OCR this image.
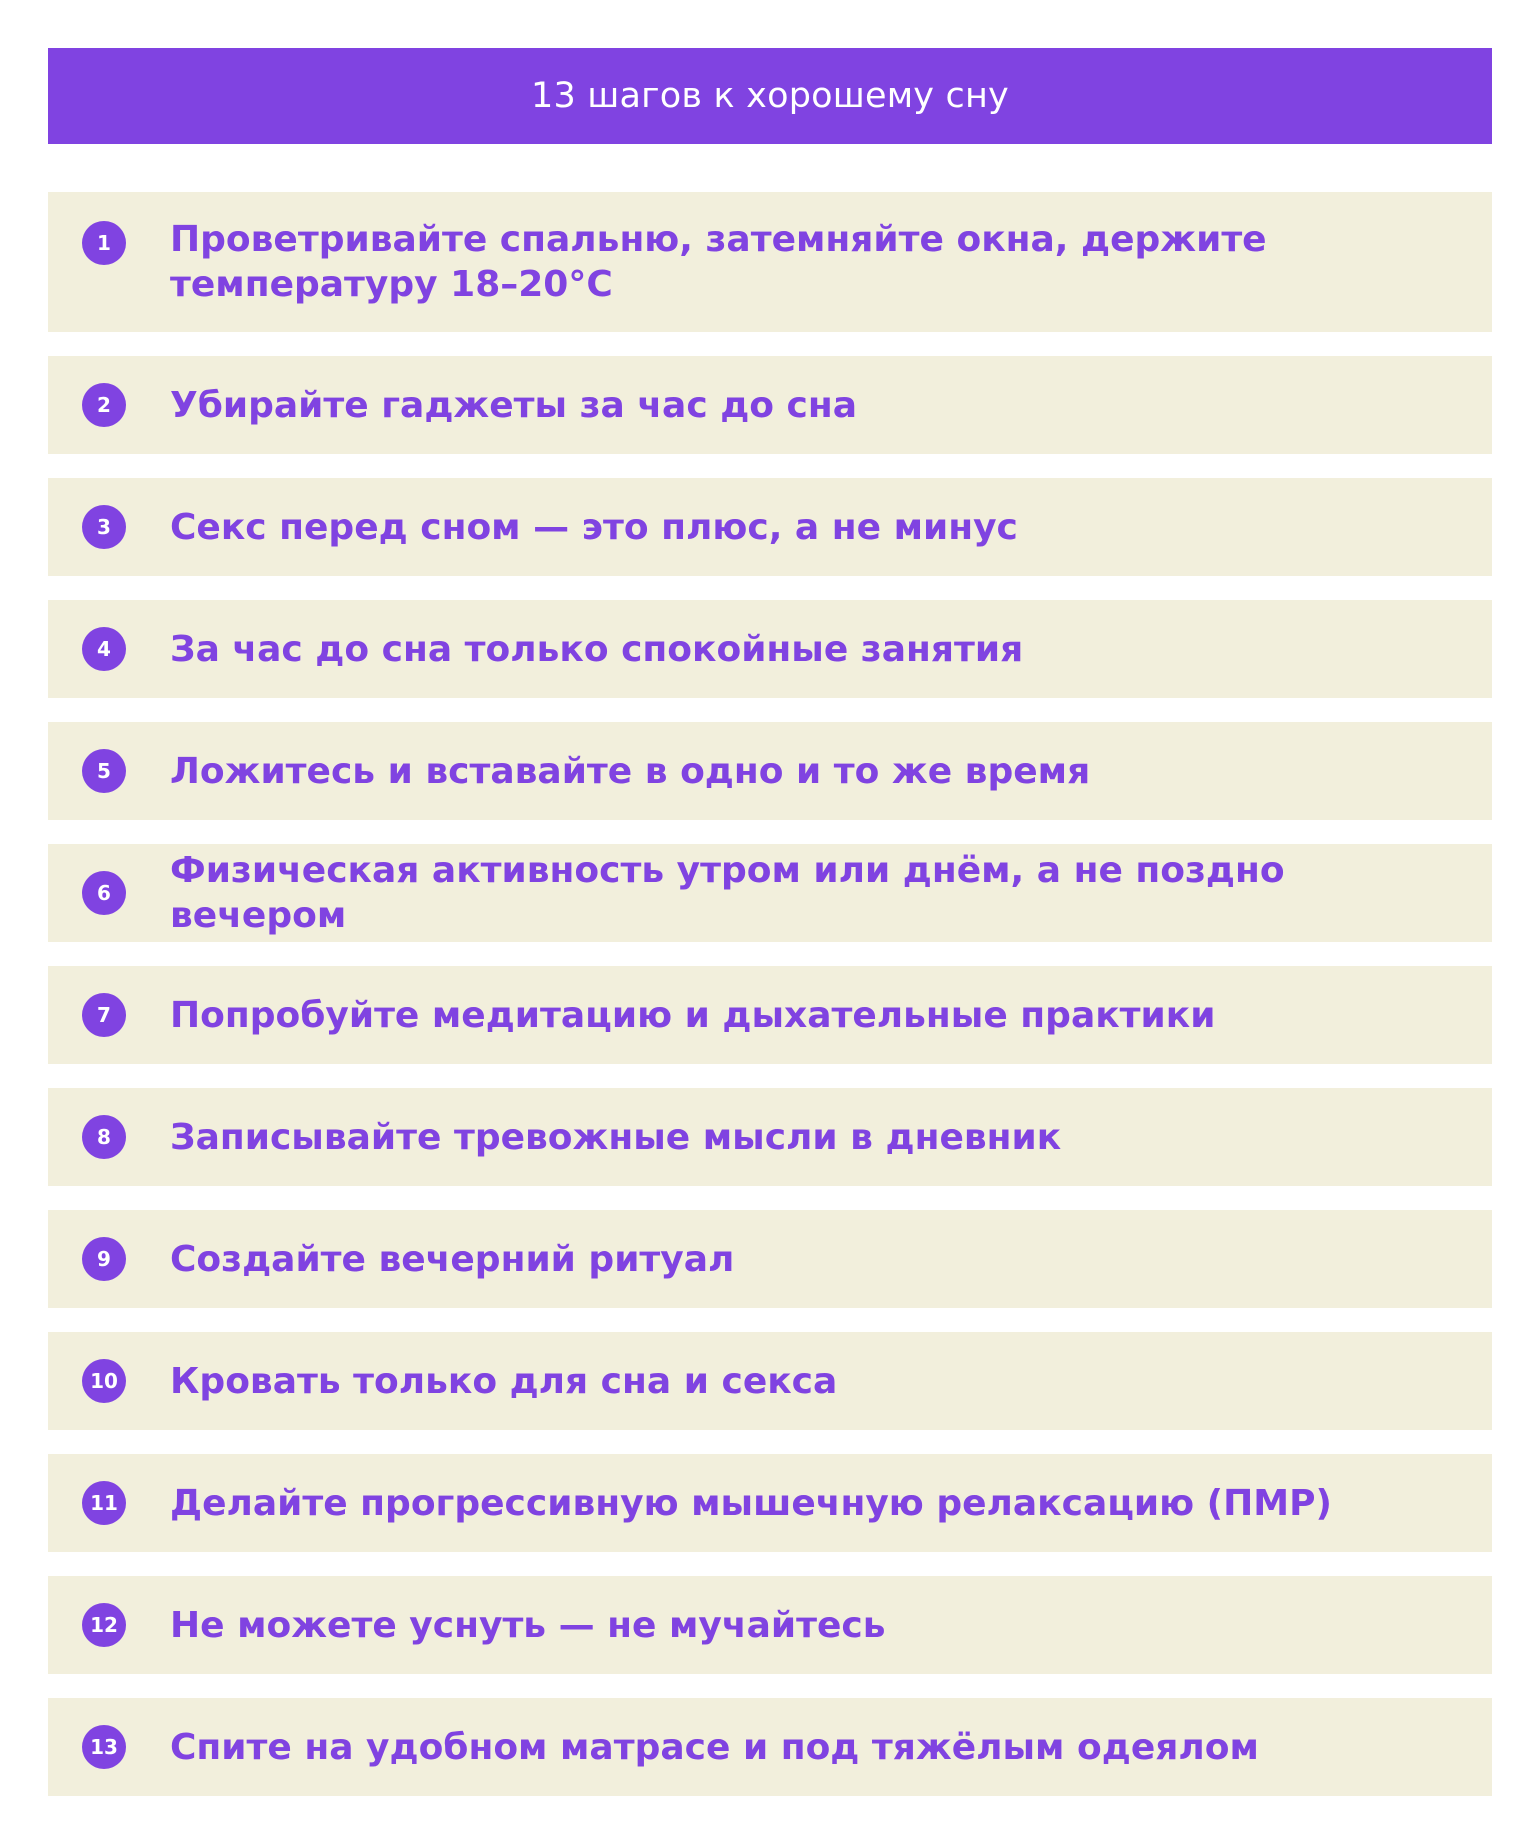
13 шагов к хорошему сну
1	Проветривайте спальню, затемняйте окна, держите температуру 18–20°С
2	Убирайте гаджеты за час до сна
3	Секс перед сном — это плюс, а не минус
4	За час до сна только спокойные занятия
5	Ложитесь и вставайте в одно и то же время
6
Физическая активность утром или днём, а не поздно вечером
7	Попробуйте медитацию и дыхательные практики
8	Записывайте тревожные мысли в дневник
9	Создайте вечерний ритуал
10 Кровать только для сна и секса
11 Делайте прогрессивную мышечную релаксацию (ПМР)
12 Не можете уснуть — не мучайтесь
13 Спите на удобном матрасе и под тяжёлым одеялом
